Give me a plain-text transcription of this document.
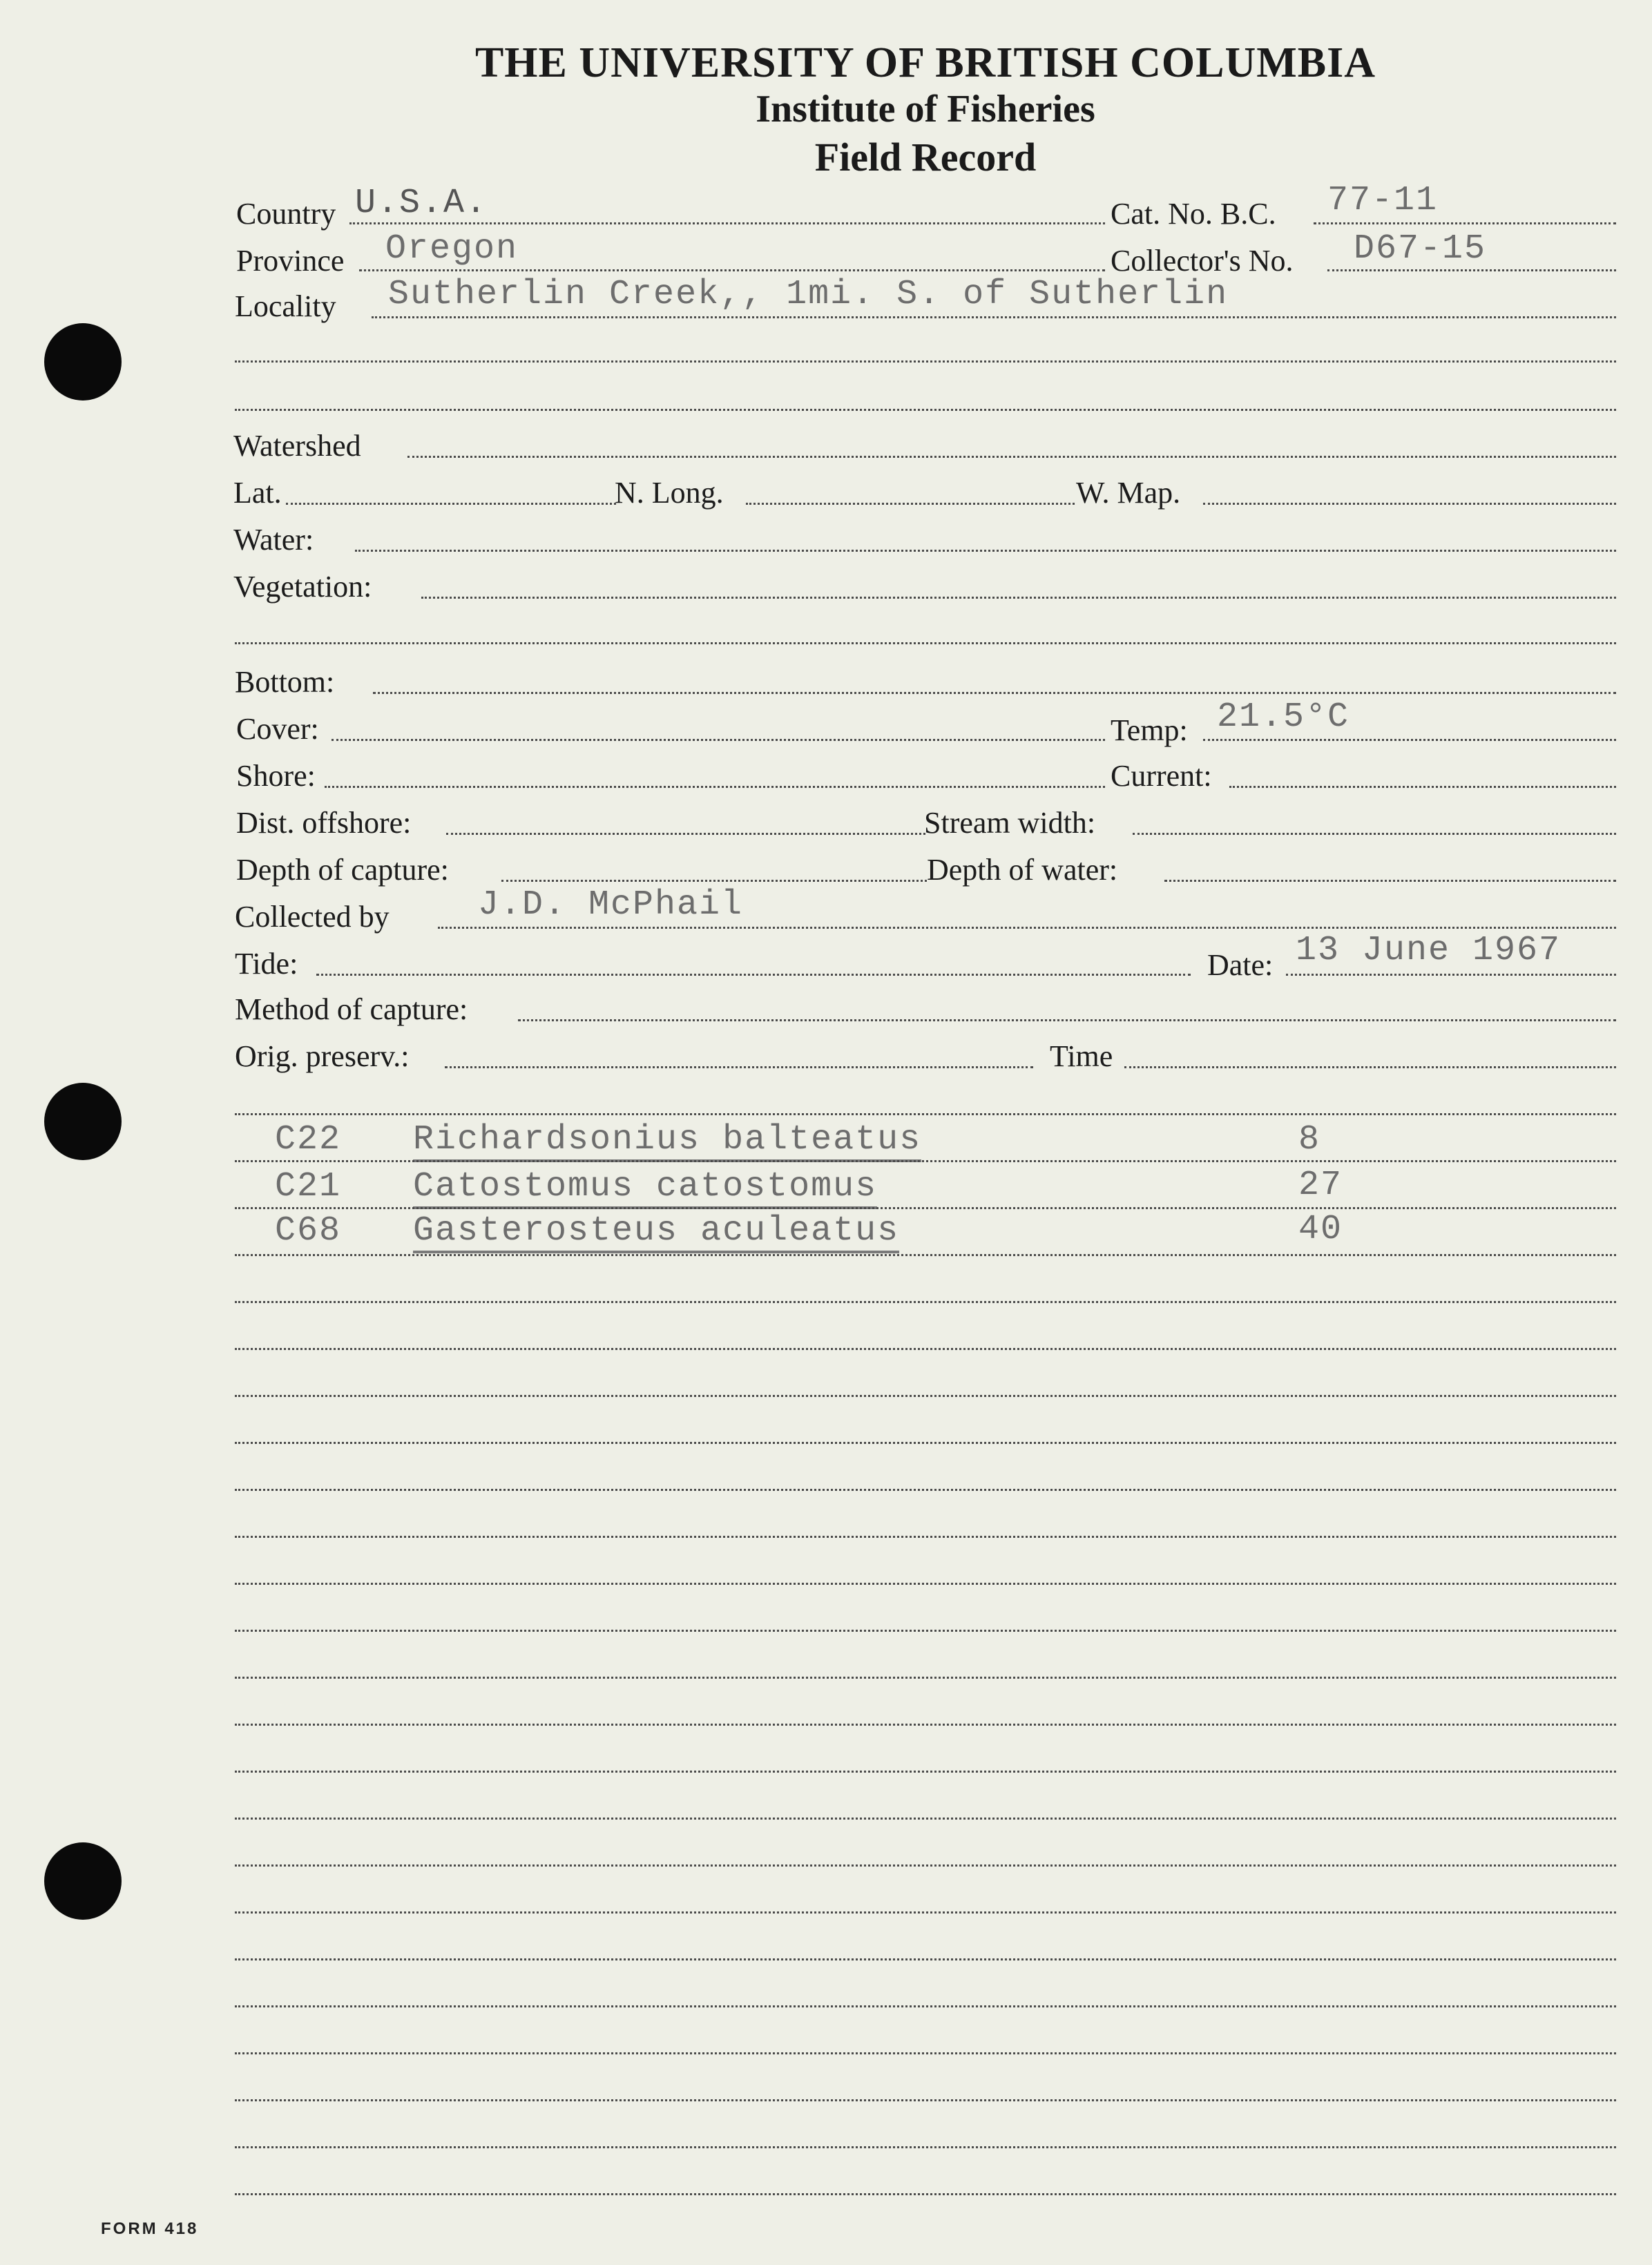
THE UNIVERSITY OF BRITISH COLUMBIA
Institute of Fisheries
Field Record
Country U.S.A.	Cat. No. B.C. 77-11
Province Oregon	Collector's No. D67-15
Locality Sutherlin Creek,, 1mi. S. of Sutherlin
Watershed
Lat.	N. Long.	W. Map.
Water:
Vegetation:
Bottom:
Cover:	Temp: 21.5°C
Shore:	Current:
Dist. offshore:	Stream width:
Depth of capture:	Depth of water:
Collected by	J.D. McPhail
Tide:	Date: 13 June 1967
Method of capture:
Orig. preserv.:	Time
C22 Richardsonius balteatus	8
C21 Catostomus catostomus	27
C68 Gasterosteus aculeatus	40
FORM 418
